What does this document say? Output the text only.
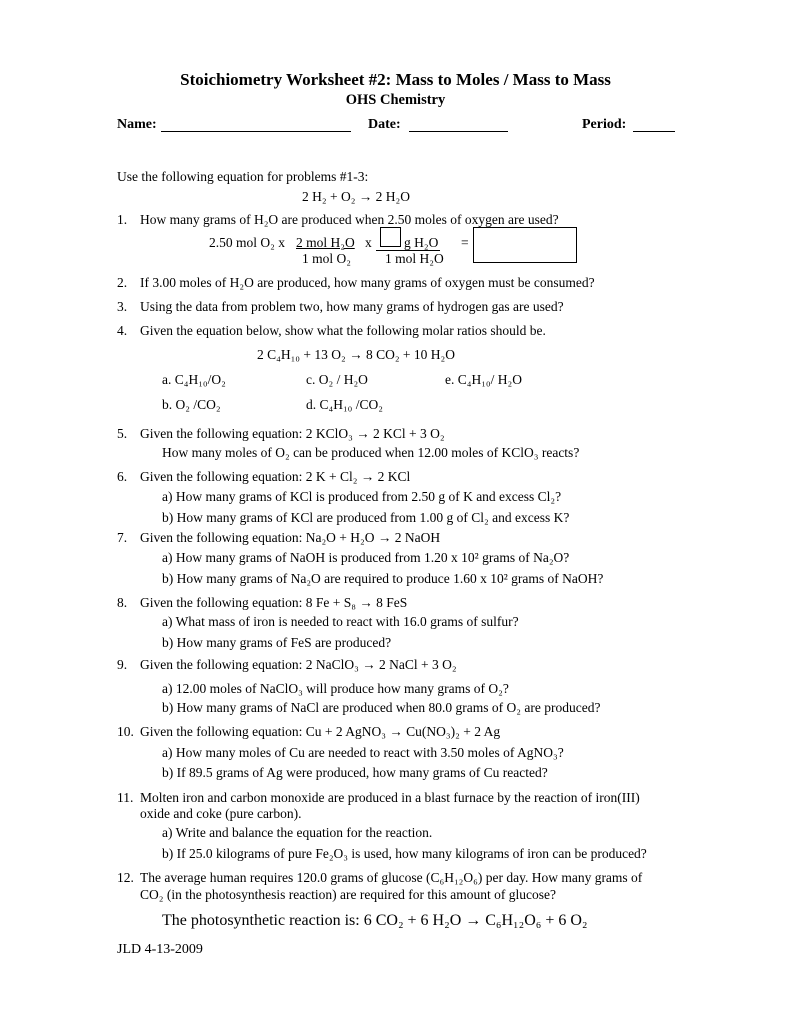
Stoichiometry Worksheet #2: Mass to Moles / Mass to Mass
OHS Chemistry
Name:	Date:	Period:
Use the following equation for problems #1-3:
2 H₂ + O₂ → 2 H₂O
1. How many grams of H₂O are produced when 2.50 moles of oxygen are used?
2.50 mol O₂ x 2 mol H₂O
1 mol O₂
x g H₂O
1 mol H₂O
=
2. If 3.00 moles of H₂O are produced, how many grams of oxygen must be consumed?
3. Using the data from problem two, how many grams of hydrogen gas are used?
4. Given the equation below, show what the following molar ratios should be.
2 C₄H₁₀ + 13 O₂ → 8 CO₂ + 10 H₂O
a. C₄H₁₀/O₂	c. O₂ / H₂O	e. C₄H₁₀/ H₂O
b. O₂ /CO₂	d. C₄H₁₀ /CO₂
5. Given the following equation: 2 KClO₃ → 2 KCl + 3 O₂
How many moles of O₂ can be produced when 12.00 moles of KClO₃ reacts?
6. Given the following equation: 2 K + Cl₂ → 2 KCl
a) How many grams of KCl is produced from 2.50 g of K and excess Cl₂?
b) How many grams of KCl are produced from 1.00 g of Cl₂ and excess K?
7. Given the following equation: Na₂O + H₂O → 2 NaOH
a) How many grams of NaOH is produced from 1.20 x 10² grams of Na₂O?
b) How many grams of Na₂O are required to produce 1.60 x 10² grams of NaOH?
8. Given the following equation: 8 Fe + S₈ → 8 FeS
a) What mass of iron is needed to react with 16.0 grams of sulfur?
b) How many grams of FeS are produced?
9. Given the following equation: 2 NaClO₃ → 2 NaCl + 3 O₂
a) 12.00 moles of NaClO₃ will produce how many grams of O₂?
b) How many grams of NaCl are produced when 80.0 grams of O₂ are produced?
10. Given the following equation: Cu + 2 AgNO₃ → Cu(NO₃)₂ + 2 Ag
a) How many moles of Cu are needed to react with 3.50 moles of AgNO₃?
b) If 89.5 grams of Ag were produced, how many grams of Cu reacted?
11. Molten iron and carbon monoxide are produced in a blast furnace by the reaction of iron(III)
oxide and coke (pure carbon).
a) Write and balance the equation for the reaction.
b) If 25.0 kilograms of pure Fe₂O₃ is used, how many kilograms of iron can be produced?
12. The average human requires 120.0 grams of glucose (C₆H₁₂O₆) per day. How many grams of
CO₂ (in the photosynthesis reaction) are required for this amount of glucose?
The photosynthetic reaction is: 6 CO₂ + 6 H₂O → C₆H₁₂O₆ + 6 O₂
JLD 4-13-2009
